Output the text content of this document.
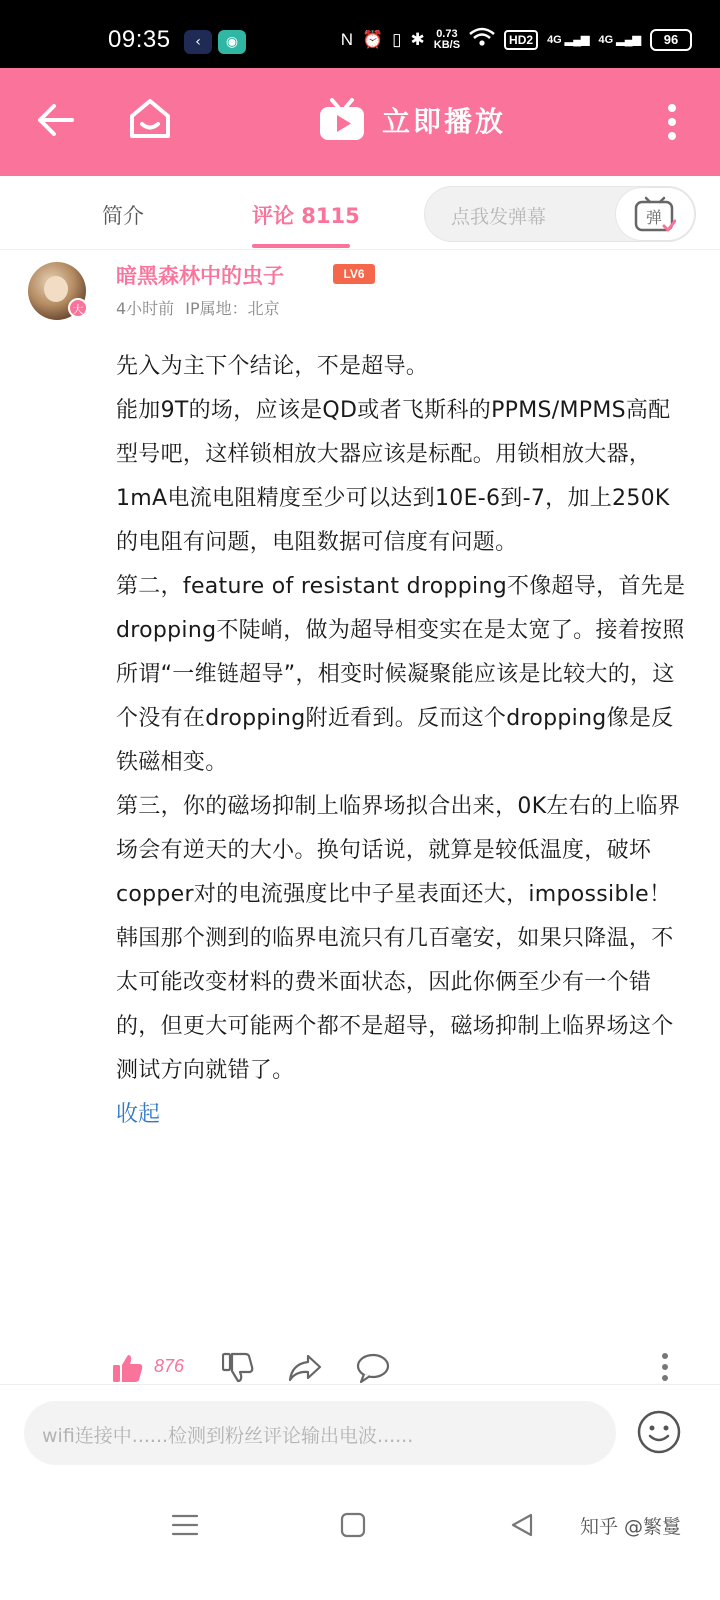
09:35	‹	◉	N ⏰ ▯ ✱ 0.73
KB/S	HD2	4G ▂▄▆ 4G ▂▄▆	96
立即播放
简介	评论 8115	点我发弹幕	弹
大
暗黑森林中的虫子	LV6
4小时前 IP属地：北京

先入为主下个结论，不是超导。

能加9T的场，应该是QD或者飞斯科的PPMS/MPMS高配型号吧，这样锁相放大器应该是标配。用锁相放大器，1mA电流电阻精度至少可以达到10E-6到-7，加上250K的电阻有问题，电阻数据可信度有问题。

第二，feature of resistant dropping不像超导，首先是dropping不陡峭，做为超导相变实在是太宽了。接着按照所谓“一维链超导”，相变时候凝聚能应该是比较大的，这个没有在dropping附近看到。反而这个dropping像是反铁磁相变。

第三，你的磁场抑制上临界场拟合出来，0K左右的上临界场会有逆天的大小。换句话说，就算是较低温度，破坏copper对的电流强度比中子星表面还大，impossible！韩国那个测到的临界电流只有几百毫安，如果只降温，不太可能改变材料的费米面状态，因此你俩至少有一个错的，但更大可能两个都不是超导，磁场抑制上临界场这个测试方向就错了。

收起
876
wifi连接中......检测到粉丝评论输出电波......
知乎 @繁鬘
